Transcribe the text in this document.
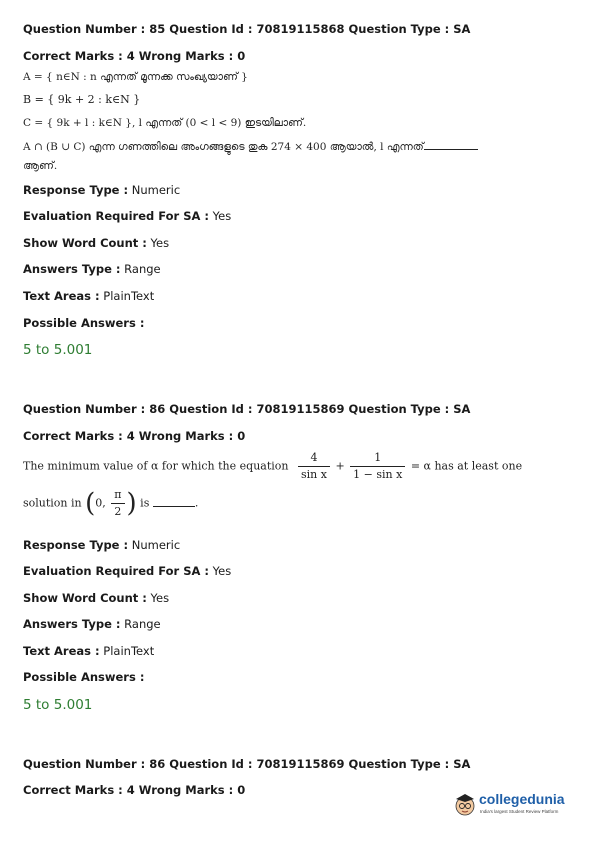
Question Number : 85 Question Id : 70819115868 Question Type : SA
Correct Marks : 4 Wrong Marks : 0
A = { n∈N : n എന്നത് മൂന്നക്ക സംഖ്യയാണ് }
B = { 9k + 2 : k∈N }
C = { 9k + l : k∈N }, l എന്നത് (0 < l < 9) ഇടയിലാണ്.
A ∩ (B ∪ C) എന്ന ഗണത്തിലെ അംഗങ്ങളുടെ തുക 274 × 400 ആയാൽ, l എന്നത്
ആണ്.
Response Type : Numeric
Evaluation Required For SA : Yes
Show Word Count : Yes
Answers Type : Range
Text Areas : PlainText
Possible Answers :
5 to 5.001
Question Number : 86 Question Id : 70819115869 Question Type : SA
Correct Marks : 4 Wrong Marks : 0
The minimum value of α for which the equation $\frac{4}{\text{sin x}} + \frac{1}{\text{1 − sin x}} = \alpha$ has at least one
solution in (0, $\frac{\pi}{2}$ ) is	.
Response Type : Numeric
Evaluation Required For SA : Yes
Show Word Count : Yes
Answers Type : Range
Text Areas : PlainText
Possible Answers :
5 to 5.001
Question Number : 86 Question Id : 70819115869 Question Type : SA
Correct Marks : 4 Wrong Marks : 0
collegedunia
India's largest Student Review Platform
